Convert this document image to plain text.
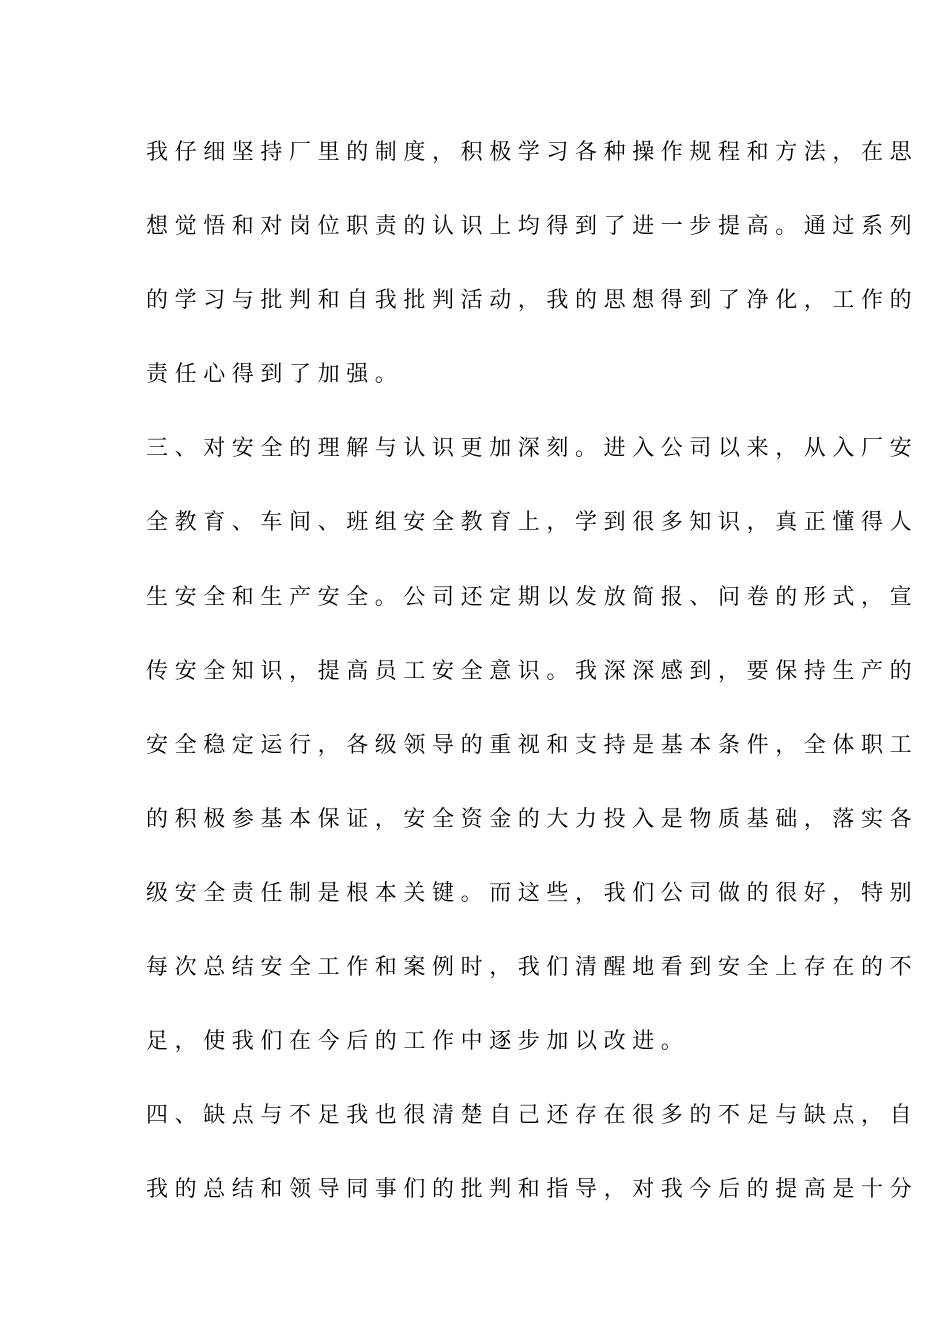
我仔细坚持厂里的制度，积极学习各种操作规程和方法，在思
想觉悟和对岗位职责的认识上均得到了进一步提高。通过系列
的学习与批判和自我批判活动，我的思想得到了净化，工作的
责任心得到了加强。
三、对安全的理解与认识更加深刻。进入公司以来，从入厂安
全教育、车间、班组安全教育上，学到很多知识，真正懂得人
生安全和生产安全。公司还定期以发放简报、问卷的形式，宣
传安全知识，提高员工安全意识。我深深感到，要保持生产的
安全稳定运行，各级领导的重视和支持是基本条件，全体职工
的积极参基本保证，安全资金的大力投入是物质基础，落实各
级安全责任制是根本关键。而这些，我们公司做的很好，特别
每次总结安全工作和案例时，我们清醒地看到安全上存在的不
足，使我们在今后的工作中逐步加以改进。
四、缺点与不足我也很清楚自己还存在很多的不足与缺点，自
我的总结和领导同事们的批判和指导，对我今后的提高是十分
